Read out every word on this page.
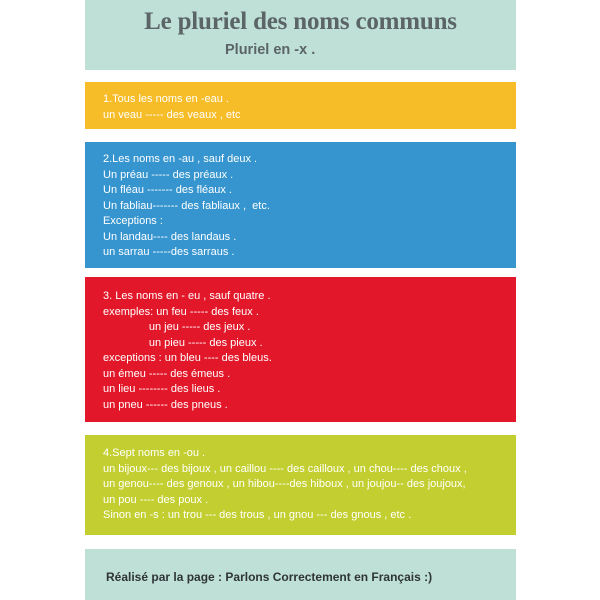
Le pluriel des noms communs
Pluriel en -x .
1.Tous les noms en -eau .
un veau ----- des veaux , etc
2.Les noms en -au , sauf deux .
Un préau ----- des préaux .
Un fléau ------- des fléaux .
Un fabliau------- des fabliaux ,  etc.
Exceptions :
Un landau---- des landaus .
un sarrau -----des sarraus .
3. Les noms en - eu , sauf quatre .
exemples: un feu ----- des feux .
un jeu ----- des jeux .
un pieu ----- des pieux .
exceptions : un bleu ---- des bleus.
un émeu ----- des émeus .
un lieu -------- des lieus .
un pneu ------ des pneus .
4.Sept noms en -ou .
un bijoux--- des bijoux , un caillou ---- des cailloux , un chou---- des choux ,
un genou---- des genoux , un hibou----des hiboux , un joujou-- des joujoux,
un pou ---- des poux .
Sinon en -s : un trou --- des trous , un gnou --- des gnous , etc .
Réalisé par la page : Parlons Correctement en Français :)
